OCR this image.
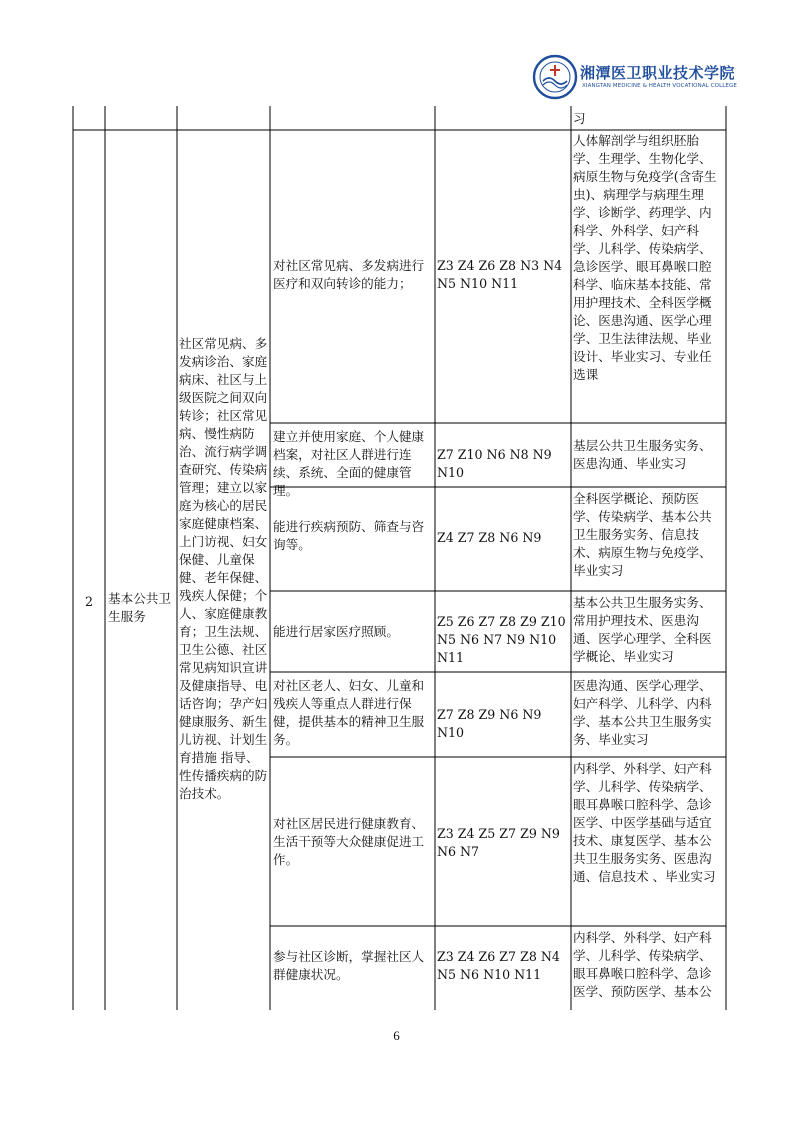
湘潭医卫职业技术学院
XIANGTAN MEDICINE & HEALTH VOCATIONAL COLLEGE
习
2	基本公共卫生服务
社区常见病、多发病诊治、家庭病床、社区与上级医院之间双向转诊；社区常见病、慢性病防治、流行病学调查研究、传染病管理；建立以家庭为核心的居民家庭健康档案、上门访视、妇女保健、儿童保健、老年保健、残疾人保健；个人、家庭健康教育；卫生法规、卫生公德、社区常见病知识宣讲及健康指导、电话咨询；孕产妇健康服务、新生儿访视、计划生育措施 指导、性传播疾病的防治技术。
对社区常见病、多发病进行医疗和双向转诊的能力；
Z3 Z4 Z6 Z8 N3 N4 N5 N10 N11
人体解剖学与组织胚胎学、生理学、生物化学、病原生物与免疫学(含寄生虫)、病理学与病理生理学、诊断学、药理学、内科学、外科学、妇产科学、儿科学、传染病学、急诊医学、眼耳鼻喉口腔科学、临床基本技能、常用护理技术、全科医学概论、医患沟通、医学心理学、卫生法律法规、毕业设计、毕业实习、专业任选课
建立并使用家庭、个人健康档案，对社区人群进行连续、系统、全面的健康管理。
Z7 Z10 N6 N8 N9 N10
基层公共卫生服务实务、医患沟通、毕业实习
能进行疾病预防、筛查与咨询等。	Z4 Z7 Z8 N6 N9
全科医学概论、预防医学、传染病学、基本公共卫生服务实务、信息技术、病原生物与免疫学、毕业实习
能进行居家医疗照顾。
Z5 Z6 Z7 Z8 Z9 Z10 N5 N6 N7 N9 N10 N11
基本公共卫生服务实务、常用护理技术、医患沟通、医学心理学、全科医学概论、毕业实习
对社区老人、妇女、儿童和残疾人等重点人群进行保健，提供基本的精神卫生服务。
Z7 Z8 Z9 N6 N9 N10
医患沟通、医学心理学、妇产科学、儿科学、内科学、基本公共卫生服务实务、毕业实习
对社区居民进行健康教育、生活干预等大众健康促进工作。
Z3 Z4 Z5 Z7 Z9 N9 N6 N7
内科学、外科学、妇产科学、儿科学、传染病学、眼耳鼻喉口腔科学、急诊医学、中医学基础与适宜技术、康复医学、基本公共卫生服务实务、医患沟通、信息技术 、毕业实习
参与社区诊断，掌握社区人群健康状况。
Z3 Z4 Z6 Z7 Z8 N4 N5 N6 N10 N11
内科学、外科学、妇产科学、儿科学、传染病学、眼耳鼻喉口腔科学、急诊医学、预防医学、基本公
6
